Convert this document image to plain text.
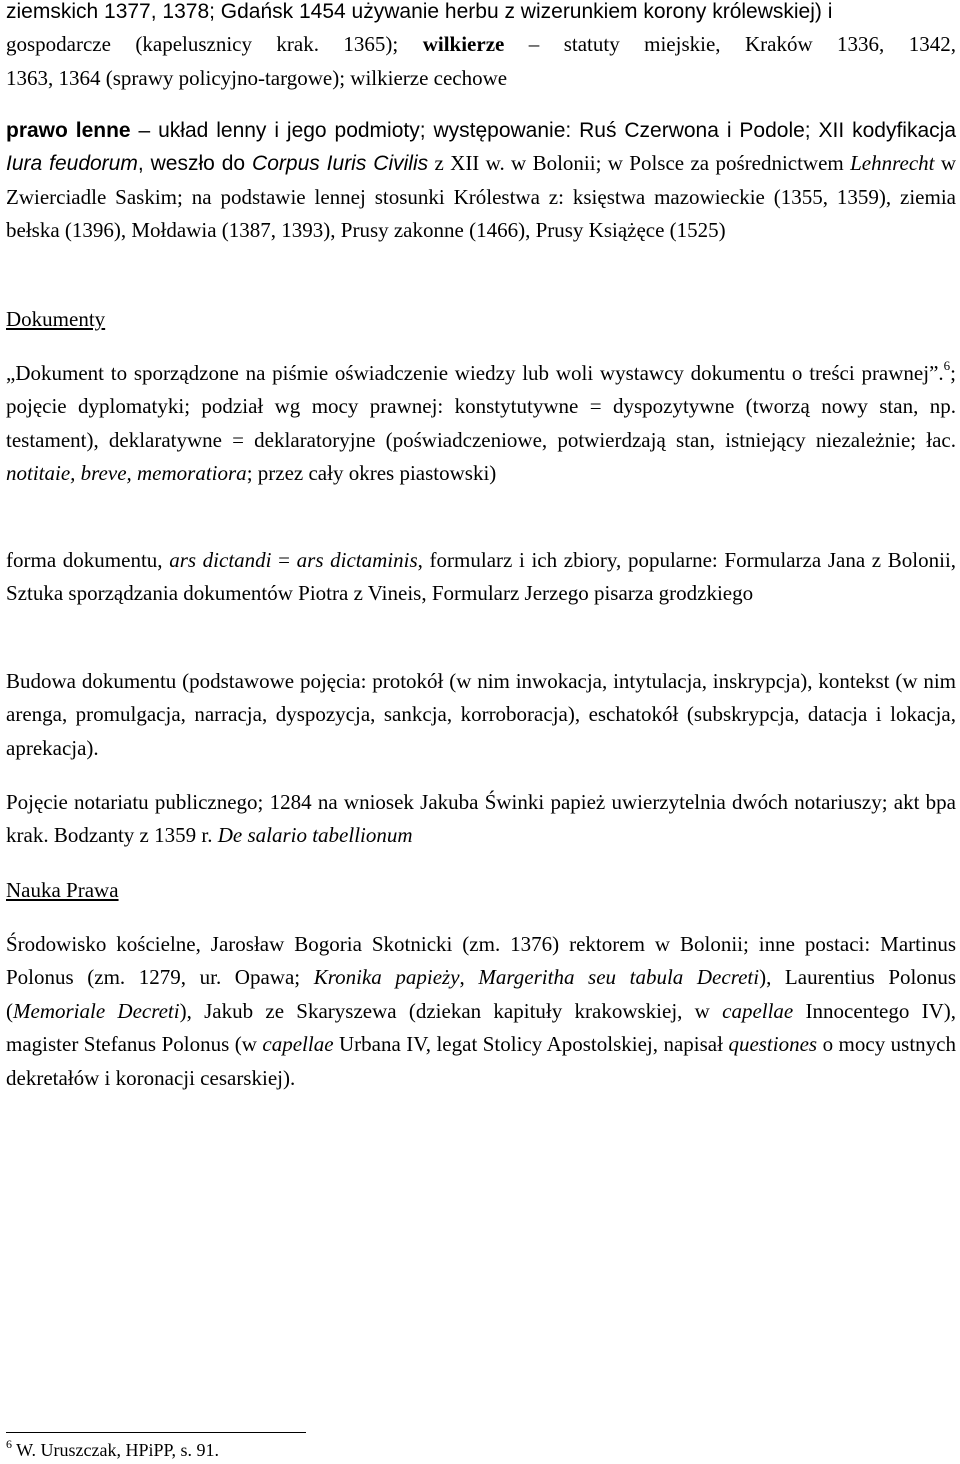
ziemskich 1377, 1378; Gdańsk 1454 używanie herbu z wizerunkiem korony królewskiej) i
gospodarcze (kapelusznicy krak. 1365); wilkierze – statuty miejskie, Kraków 1336, 1342,
1363, 1364 (sprawy policyjno-targowe); wilkierze cechowe
prawo lenne – układ lenny i jego podmioty; występowanie: Ruś Czerwona i Podole; XII kodyfikacja Iura feudorum, weszło do Corpus Iuris Civilis z XII w. w Bolonii; w Polsce za pośrednictwem Lehnrecht w Zwierciadle Saskim; na podstawie lennej stosunki Królestwa z: księstwa mazowieckie (1355, 1359), ziemia bełska (1396), Mołdawia (1387, 1393), Prusy zakonne (1466), Prusy Książęce (1525)
Dokumenty
„Dokument to sporządzone na piśmie oświadczenie wiedzy lub woli wystawcy dokumentu o treści prawnej”.$^6$; pojęcie dyplomatyki; podział wg mocy prawnej: konstytutywne = dyspozytywne (tworzą nowy stan, np. testament), deklaratywne = deklaratoryjne (poświadczeniowe, potwierdzają stan, istniejący niezależnie; łac. notitaie, breve, memoratiora; przez cały okres piastowski)
forma dokumentu, ars dictandi = ars dictaminis, formularz i ich zbiory, popularne: Formularza Jana z Bolonii, Sztuka sporządzania dokumentów Piotra z Vineis, Formularz Jerzego pisarza grodzkiego
Budowa dokumentu (podstawowe pojęcia: protokół (w nim inwokacja, intytulacja, inskrypcja), kontekst (w nim arenga, promulgacja, narracja, dyspozycja, sankcja, korroboracja), eschatokół (subskrypcja, datacja i lokacja, aprekacja).
Pojęcie notariatu publicznego; 1284 na wniosek Jakuba Świnki papież uwierzytelnia dwóch notariuszy; akt bpa krak. Bodzanty z 1359 r. De salario tabellionum
Nauka Prawa
Środowisko kościelne, Jarosław Bogoria Skotnicki (zm. 1376) rektorem w Bolonii; inne postaci: Martinus Polonus (zm. 1279, ur. Opawa; Kronika papieży, Margeritha seu tabula Decreti), Laurentius Polonus (Memoriale Decreti), Jakub ze Skaryszewa (dziekan kapituły krakowskiej, w capellae Innocentego IV), magister Stefanus Polonus (w capellae Urbana IV, legat Stolicy Apostolskiej, napisał questiones o mocy ustnych dekretałów i koronacji cesarskiej).
$^6$ W. Uruszczak, HPiPP, s. 91.
